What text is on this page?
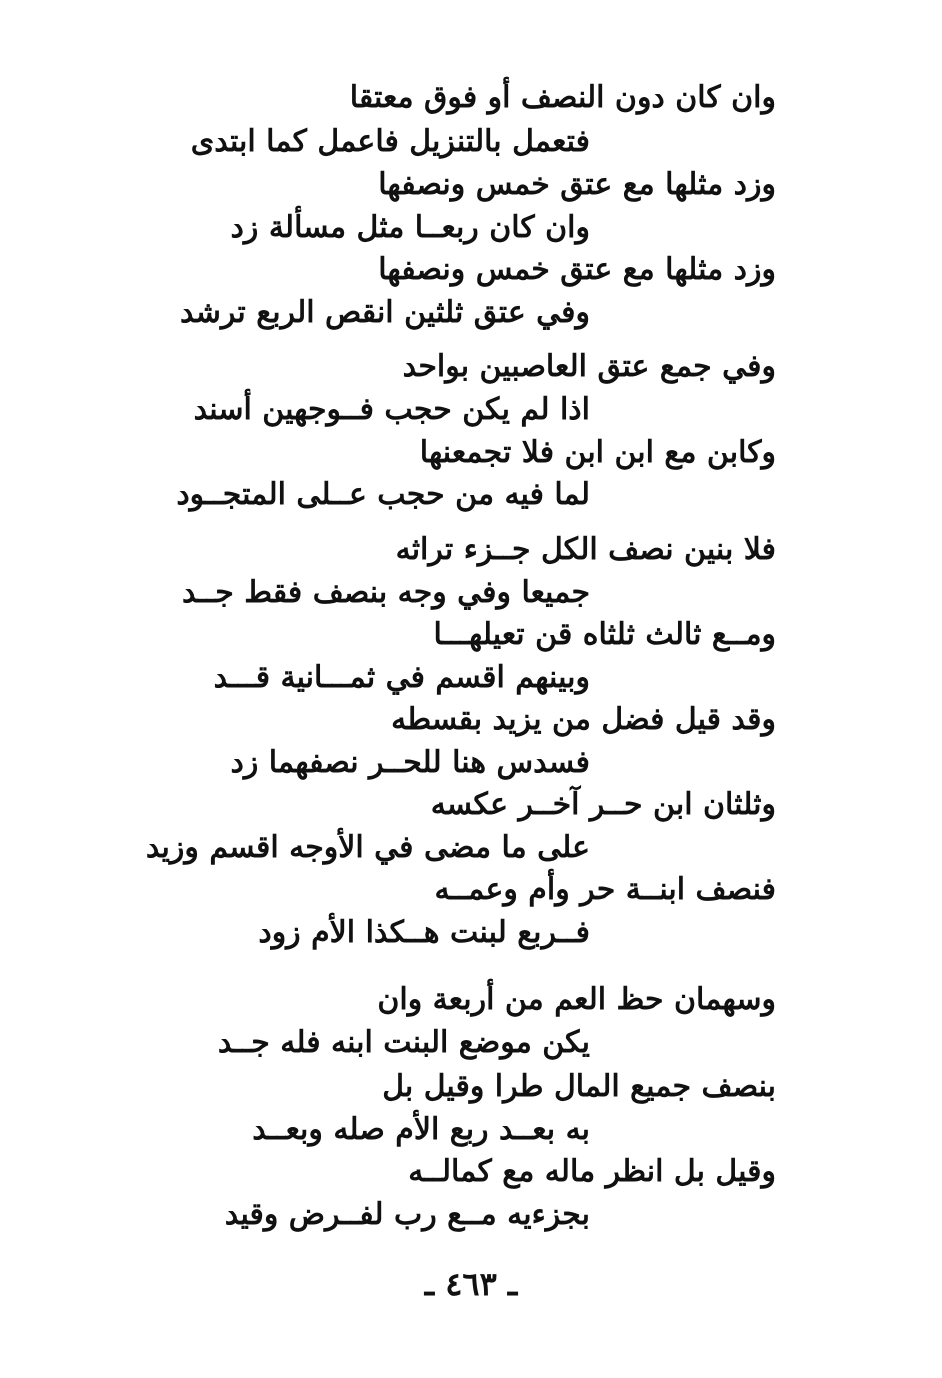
وان كان دون النصف أو فوق معتقا
فتعمل بالتنزيل فاعمل كما ابتدى
وزد مثلها مع عتق خمس ونصفها
وان كان ربعــا مثل مسألة زد
وزد مثلها مع عتق خمس ونصفها
وفي عتق ثلثين انقص الربع ترشد
وفي جمع عتق العاصبين بواحد
اذا لم يكن حجب فــوجهين أسند
وكابن مع ابن ابن فلا تجمعنها
لما فيه من حجب عــلى المتجــود
فلا بنين نصف الكل جــزء تراثه
جميعا وفي وجه بنصف فقط جــد
ومــع ثالث ثلثاه قن تعيلهـــا
وبينهم اقسم في ثمـــانية قـــد
وقد قيل فضل من يزيد بقسطه
فسدس هنا للحــر نصفهما زد
وثلثان ابن حــر آخــر عكسه
على ما مضى في الأوجه اقسم وزيد
فنصف ابنــة حر وأم وعمــه
فــربع لبنت هــكذا الأم زود
وسهمان حظ العم من أربعة وان
يكن موضع البنت ابنه فله جــد
بنصف جميع المال طرا وقيل بل
به بعــد ربع الأم صله وبعــد
وقيل بل انظر ماله مع كمالــه
بجزءيه مــع رب لفــرض وقيد
ـ ٤٦٣ ـ
